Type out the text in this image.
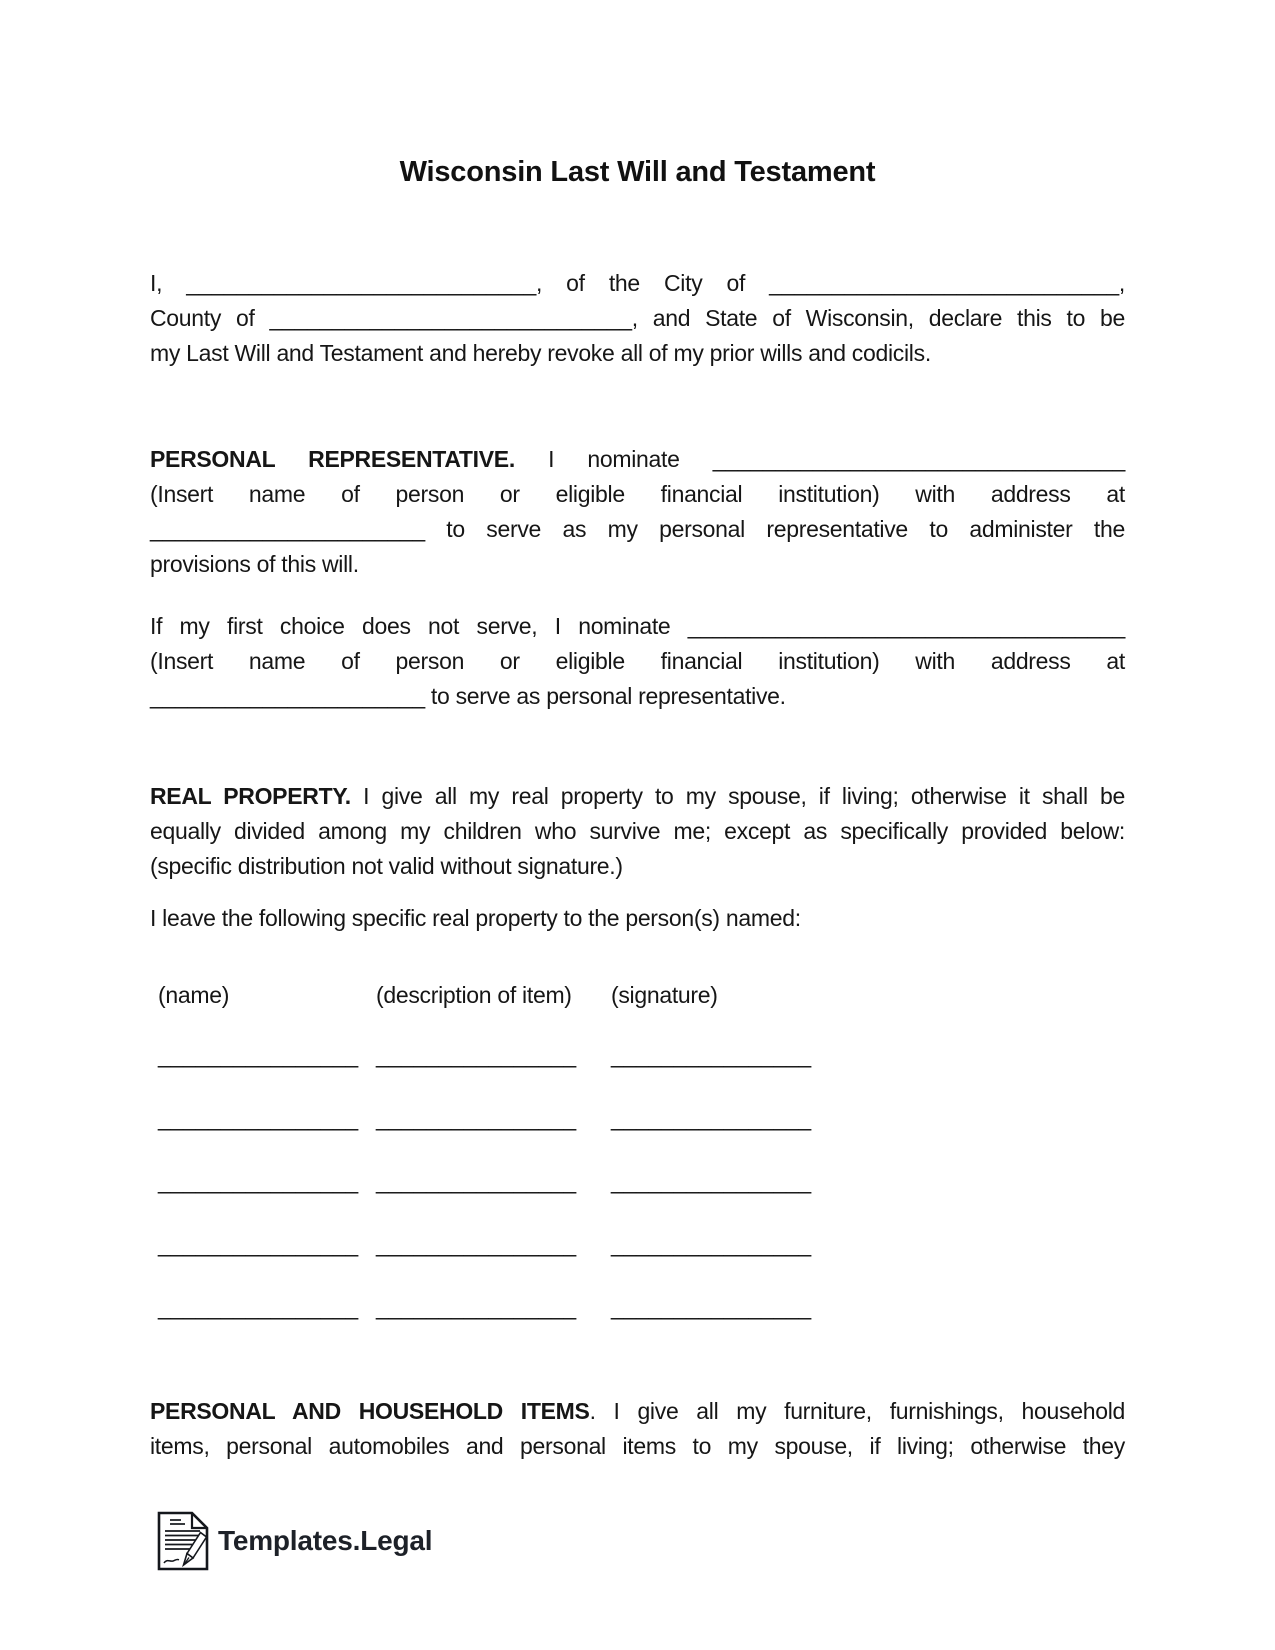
Wisconsin Last Will and Testament
I, ____________________________, of the City of ____________________________,
County of _____________________________, and State of Wisconsin, declare this to be
my Last Will and Testament and hereby revoke all of my prior wills and codicils.
PERSONAL REPRESENTATIVE. I nominate _________________________________
(Insert name of person or eligible financial institution) with address at
______________________ to serve as my personal representative to administer the
provisions of this will.
If my first choice does not serve, I nominate ___________________________________
(Insert name of person or eligible financial institution) with address at
______________________ to serve as personal representative.
REAL PROPERTY. I give all my real property to my spouse, if living; otherwise it shall be
equally divided among my children who survive me; except as specifically provided below:
(specific distribution not valid without signature.)
I leave the following specific real property to the person(s) named:
(name)	(description of item) (signature)
________________ ________________ ________________
________________ ________________ ________________
________________ ________________ ________________
________________ ________________ ________________
________________ ________________ ________________
PERSONAL AND HOUSEHOLD ITEMS. I give all my furniture, furnishings, household
items, personal automobiles and personal items to my spouse, if living; otherwise they
Templates.Legal
